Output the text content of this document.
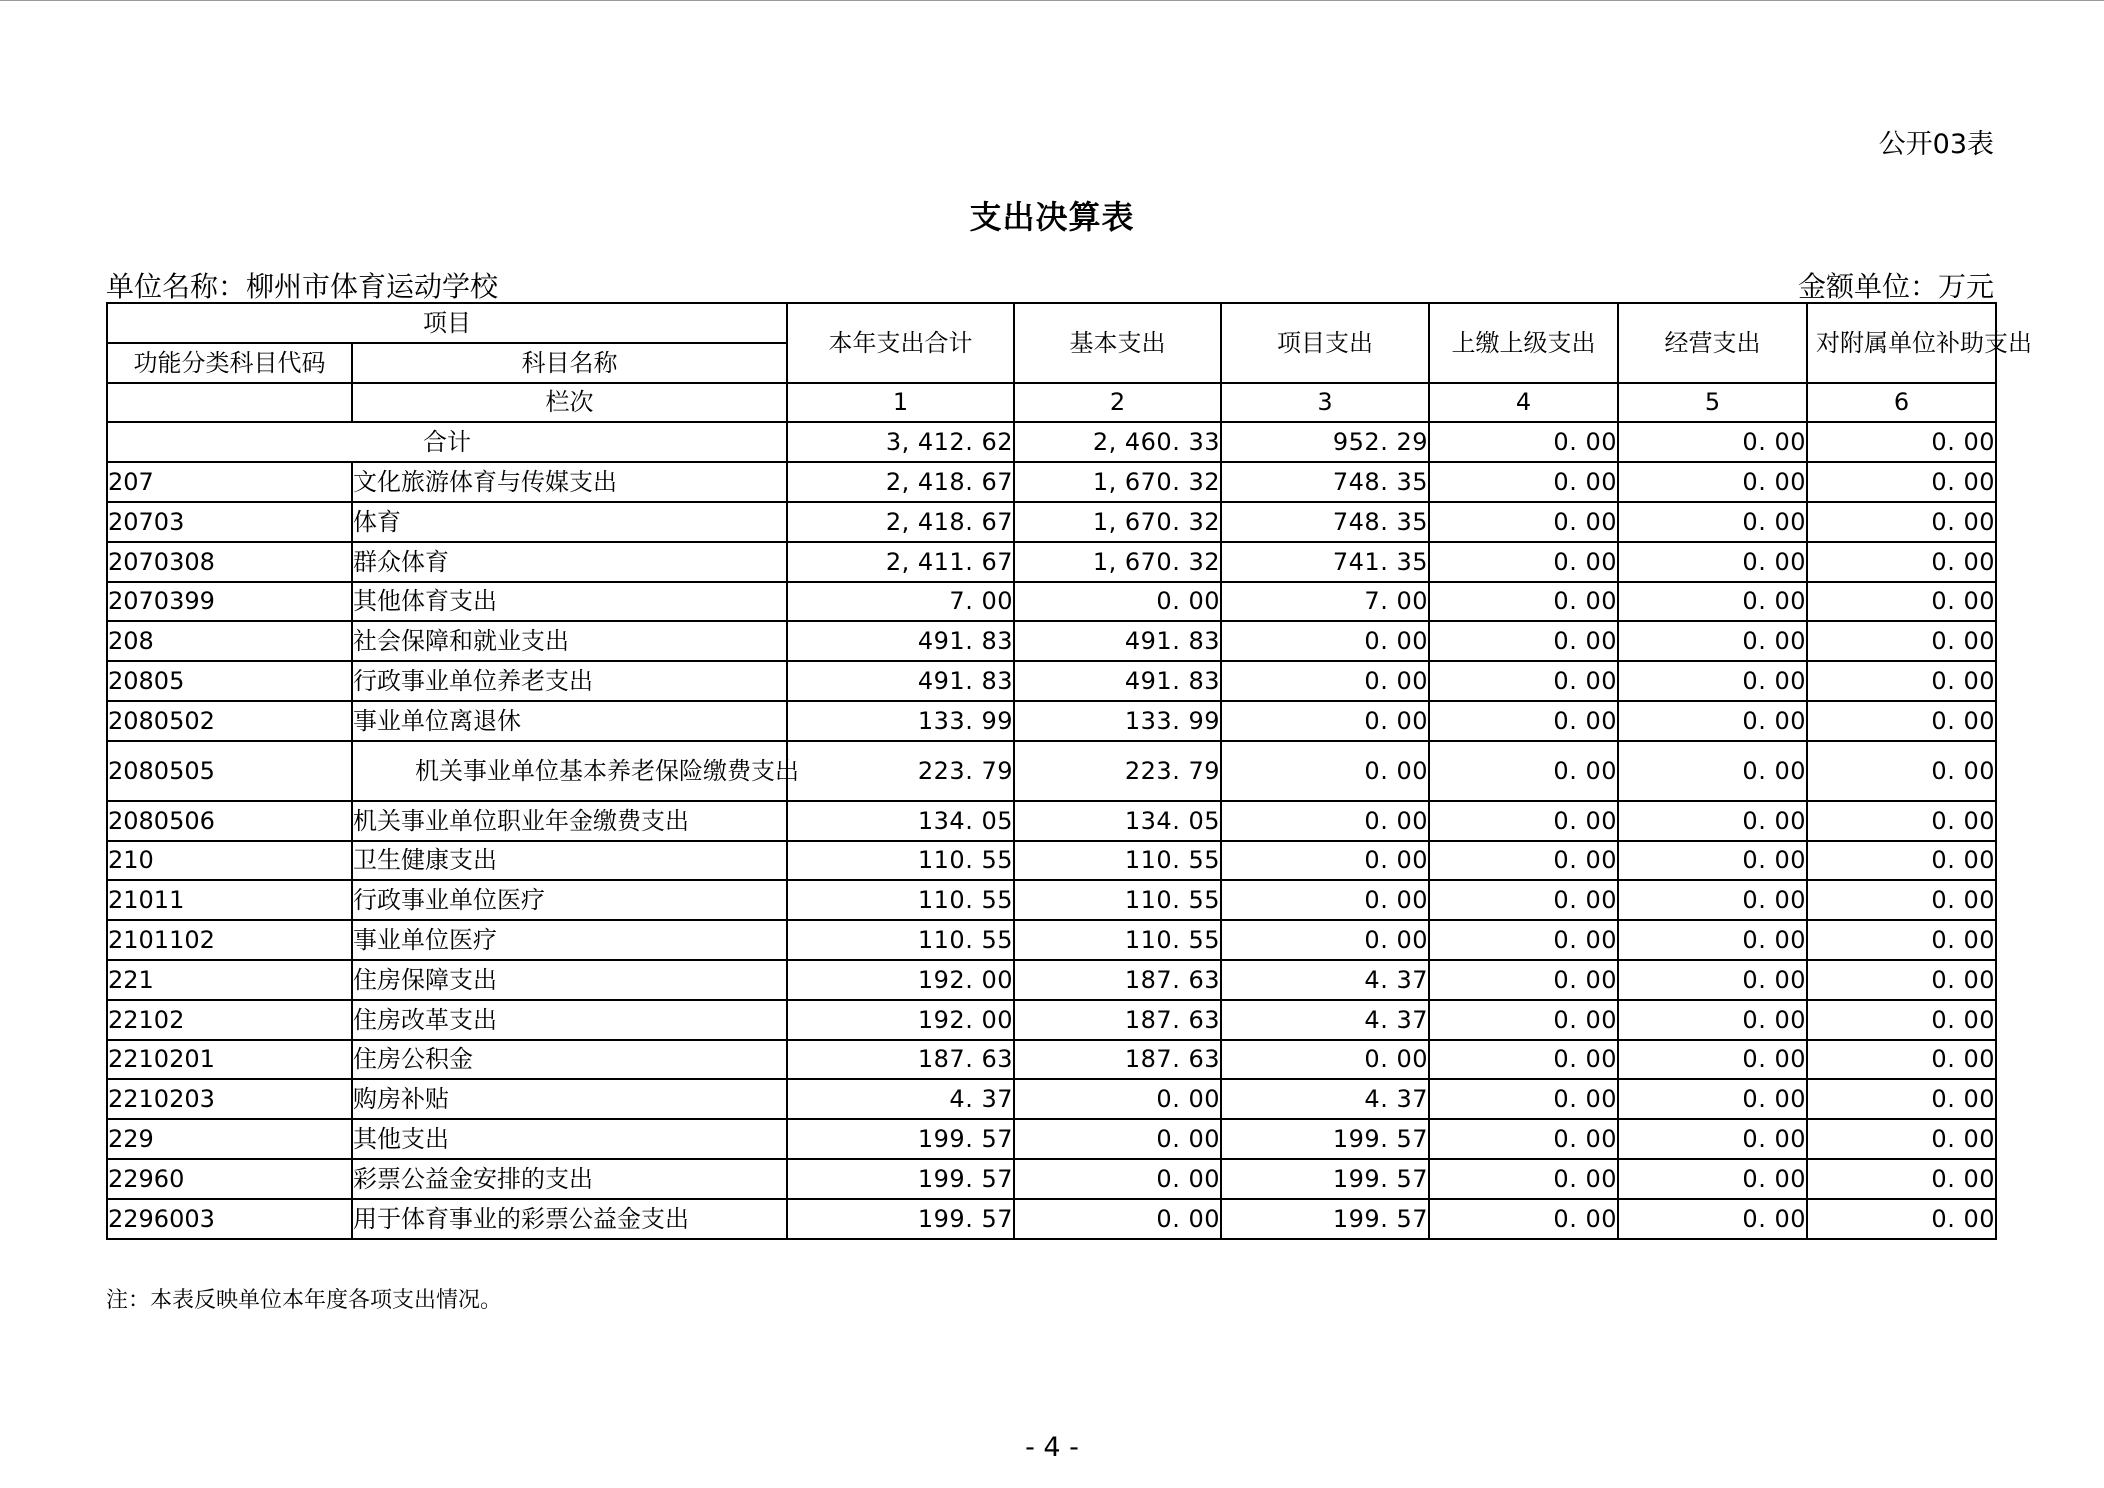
公开03表
支出决算表
单位名称：柳州市体育运动学校	金额单位：万元
项目		本年支出合计	基本支出	项目支出	上缴上级支出	经营支出	对附属单位补助支出
功能分类科目代码	科目名称						
	栏次	1	2	3	4	5	6
合计		3, 412. 62	2, 460. 33	952. 29	0. 00	0. 00	0. 00
207	文化旅游体育与传媒支出	2, 418. 67	1, 670. 32	748. 35	0. 00	0. 00	0. 00
20703	体育	2, 418. 67	1, 670. 32	748. 35	0. 00	0. 00	0. 00
2070308	群众体育	2, 411. 67	1, 670. 32	741. 35	0. 00	0. 00	0. 00
2070399	其他体育支出	7. 00	0. 00	7. 00	0. 00	0. 00	0. 00
208	社会保障和就业支出	491. 83	491. 83	0. 00	0. 00	0. 00	0. 00
20805	行政事业单位养老支出	491. 83	491. 83	0. 00	0. 00	0. 00	0. 00
2080502	事业单位离退休	133. 99	133. 99	0. 00	0. 00	0. 00	0. 00
2080505	机关事业单位基本养老保险缴费支出	223. 79	223. 79	0. 00	0. 00	0. 00	0. 00
2080506	机关事业单位职业年金缴费支出	134. 05	134. 05	0. 00	0. 00	0. 00	0. 00
210	卫生健康支出	110. 55	110. 55	0. 00	0. 00	0. 00	0. 00
21011	行政事业单位医疗	110. 55	110. 55	0. 00	0. 00	0. 00	0. 00
2101102	事业单位医疗	110. 55	110. 55	0. 00	0. 00	0. 00	0. 00
221	住房保障支出	192. 00	187. 63	4. 37	0. 00	0. 00	0. 00
22102	住房改革支出	192. 00	187. 63	4. 37	0. 00	0. 00	0. 00
2210201	住房公积金	187. 63	187. 63	0. 00	0. 00	0. 00	0. 00
2210203	购房补贴	4. 37	0. 00	4. 37	0. 00	0. 00	0. 00
229	其他支出	199. 57	0. 00	199. 57	0. 00	0. 00	0. 00
22960	彩票公益金安排的支出	199. 57	0. 00	199. 57	0. 00	0. 00	0. 00
2296003	用于体育事业的彩票公益金支出	199. 57	0. 00	199. 57	0. 00	0. 00	0. 00
注：本表反映单位本年度各项支出情况。
- 4 -
